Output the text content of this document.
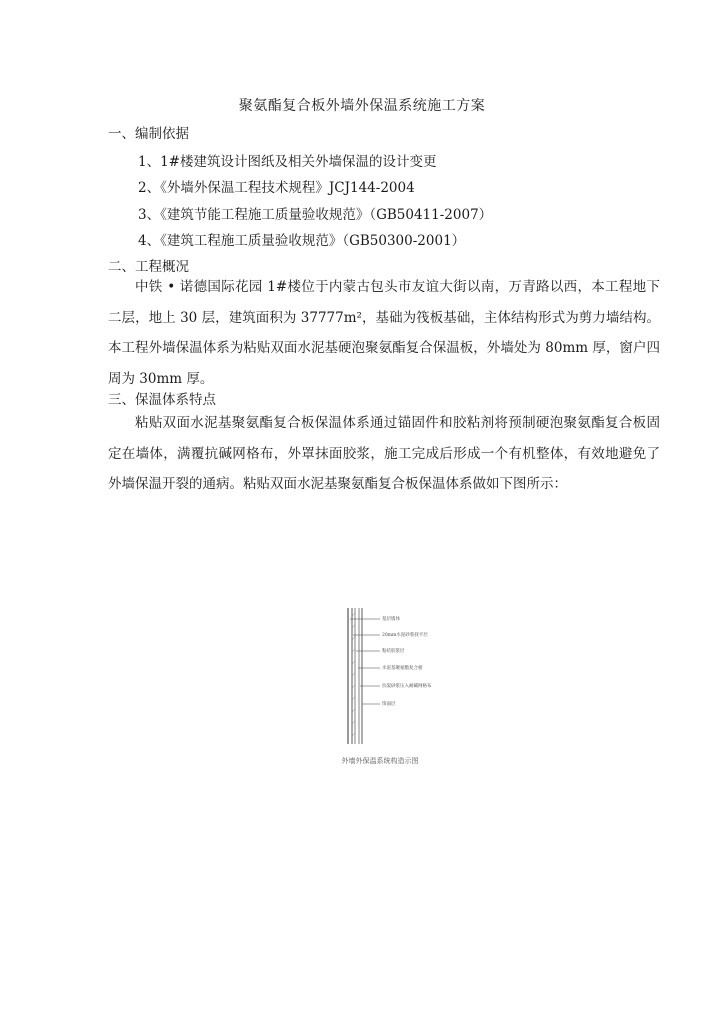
聚氨酯复合板外墙外保温系统施工方案
一、编制依据
1、1#楼建筑设计图纸及相关外墙保温的设计变更
2、《外墙外保温工程技术规程》JCJ144-2004
3、《建筑节能工程施工质量验收规范》（GB50411-2007）
4、《建筑工程施工质量验收规范》（GB50300-2001）
二、工程概况

中铁 • 诺德国际花园 1#楼位于内蒙古包头市友谊大街以南，万青路以西，本工程地下二层，地上 30 层，建筑面积为 37777m²，基础为筏板基础，主体结构形式为剪力墙结构。本工程外墙保温体系为粘贴双面水泥基硬泡聚氨酯复合保温板，外墙处为 80mm 厚，窗户四周为 30mm 厚。

三、保温体系特点

粘贴双面水泥基聚氨酯复合板保温体系通过锚固件和胶粘剂将预制硬泡聚氨酯复合板固定在墙体，满覆抗碱网格布，外罩抹面胶浆，施工完成后形成一个有机整体，有效地避免了外墙保温开裂的通病。粘贴双面水泥基聚氨酯复合板保温体系做如下图所示：

基层墙体
20mm水泥砂浆找平层
粘结胶浆层
水泥基聚氨酯复合板
抗裂砂浆压入耐碱网格布
饰面层
外墙外保温系统构造示图
